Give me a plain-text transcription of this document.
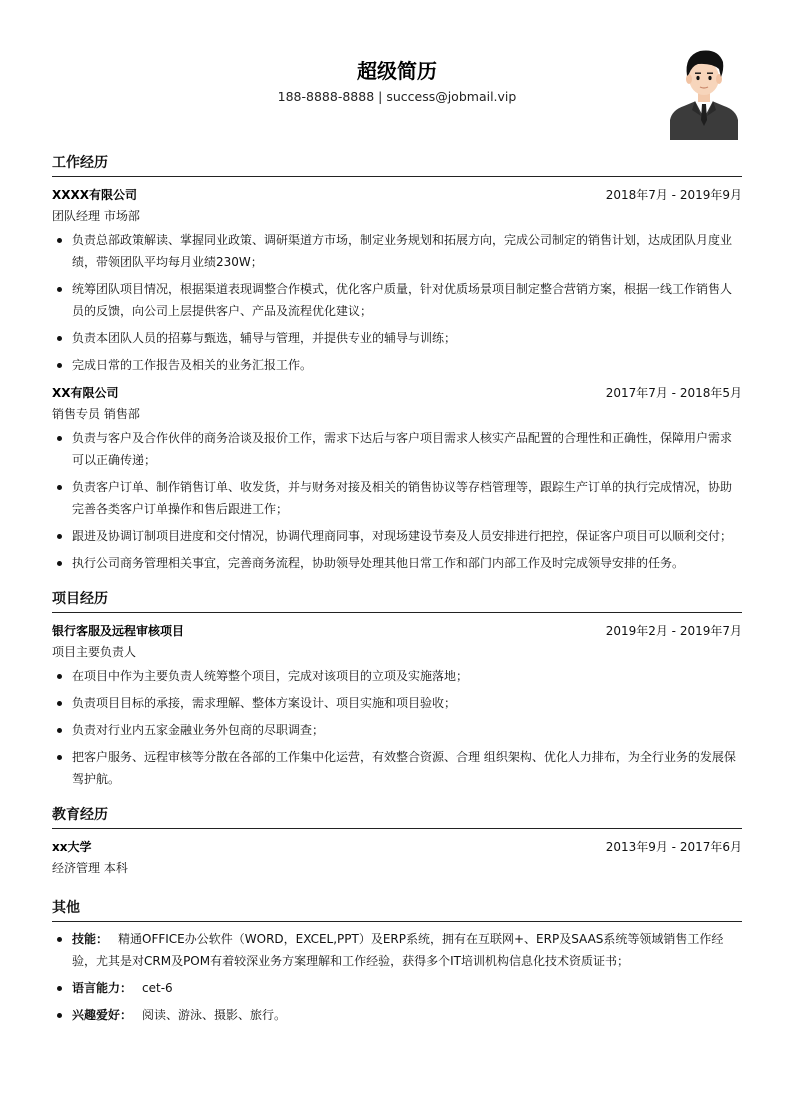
超级简历
188-8888-8888 | success@jobmail.vip
工作经历
XXXX有限公司	2018年7月 - 2019年9月
团队经理 市场部
负责总部政策解读、掌握同业政策、调研渠道方市场，制定业务规划和拓展方向，完成公司制定的销售计划，达成团队月度业绩，带领团队平均每月业绩230W；
统筹团队项目情况，根据渠道表现调整合作模式，优化客户质量，针对优质场景项目制定整合营销方案，根据一线工作销售人员的反馈，向公司上层提供客户、产品及流程优化建议；
负责本团队人员的招募与甄选，辅导与管理，并提供专业的辅导与训练；
完成日常的工作报告及相关的业务汇报工作。
XX有限公司	2017年7月 - 2018年5月
销售专员 销售部
负责与客户及合作伙伴的商务洽谈及报价工作，需求下达后与客户项目需求人核实产品配置的合理性和正确性，保障用户需求可以正确传递；
负责客户订单、制作销售订单、收发货，并与财务对接及相关的销售协议等存档管理等，跟踪生产订单的执行完成情况，协助完善各类客户订单操作和售后跟进工作；
跟进及协调订制项目进度和交付情况，协调代理商同事，对现场建设节奏及人员安排进行把控，保证客户项目可以顺利交付；
执行公司商务管理相关事宜，完善商务流程，协助领导处理其他日常工作和部门内部工作及时完成领导安排的任务。
项目经历
银行客服及远程审核项目	2019年2月 - 2019年7月
项目主要负责人
在项目中作为主要负责人统筹整个项目，完成对该项目的立项及实施落地；
负责项目目标的承接，需求理解、整体方案设计、项目实施和项目验收；
负责对行业内五家金融业务外包商的尽职调查；
把客户服务、远程审核等分散在各部的工作集中化运营，有效整合资源、合理 组织架构、优化人力排布，为全行业务的发展保驾护航。
教育经历
xx大学	2013年9月 - 2017年6月
经济管理 本科
其他
技能： 精通OFFICE办公软件（WORD，EXCEL,PPT）及ERP系统，拥有在互联网+、ERP及SAAS系统等领域销售工作经验，尤其是对CRM及POM有着较深业务方案理解和工作经验，获得多个IT培训机构信息化技术资质证书；
语言能力： cet-6
兴趣爱好： 阅读、游泳、摄影、旅行。
